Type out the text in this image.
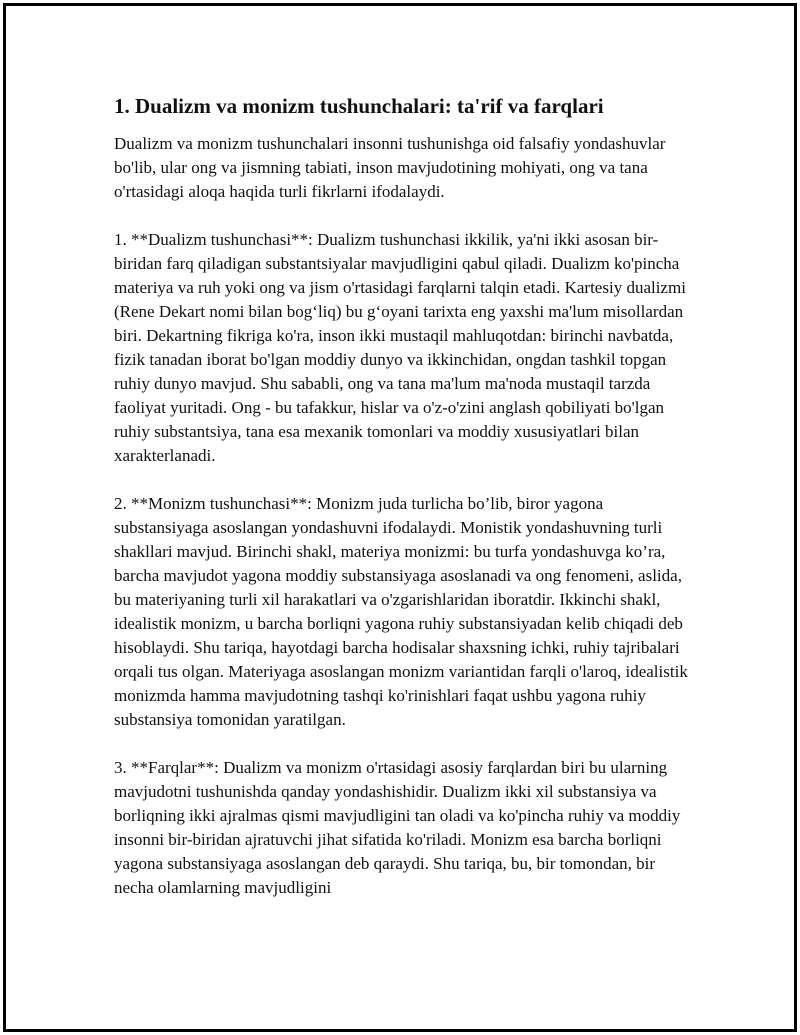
1. Dualizm va monizm tushunchalari: ta'rif va farqlari

Dualizm va monizm tushunchalari insonni tushunishga oid falsafiy yondashuvlar bo'lib, ular ong va jismning tabiati, inson mavjudotining mohiyati, ong va tana o'rtasidagi aloqa haqida turli fikrlarni ifodalaydi.

1. **Dualizm tushunchasi**: Dualizm tushunchasi ikkilik, ya'ni ikki asosan bir-biridan farq qiladigan substantsiyalar mavjudligini qabul qiladi. Dualizm ko'pincha materiya va ruh yoki ong va jism o'rtasidagi farqlarni talqin etadi. Kartesiy dualizmi (Rene Dekart nomi bilan bog‘liq) bu g‘oyani tarixta eng yaxshi ma'lum misollardan biri. Dekartning fikriga ko'ra, inson ikki mustaqil mahluqotdan: birinchi navbatda, fizik tanadan iborat bo'lgan moddiy dunyo va ikkinchidan, ongdan tashkil topgan ruhiy dunyo mavjud. Shu sababli, ong va tana ma'lum ma'noda mustaqil tarzda faoliyat yuritadi. Ong - bu tafakkur, hislar va o'z-o'zini anglash qobiliyati bo'lgan ruhiy substantsiya, tana esa mexanik tomonlari va moddiy xususiyatlari bilan xarakterlanadi.

2. **Monizm tushunchasi**: Monizm juda turlicha bo’lib, biror yagona substansiyaga asoslangan yondashuvni ifodalaydi. Monistik yondashuvning turli shakllari mavjud. Birinchi shakl, materiya monizmi: bu turfa yondashuvga ko’ra, barcha mavjudot yagona moddiy substansiyaga asoslanadi va ong fenomeni, aslida, bu materiyaning turli xil harakatlari va o'zgarishlaridan iboratdir. Ikkinchi shakl, idealistik monizm, u barcha borliqni yagona ruhiy substansiyadan kelib chiqadi deb hisoblaydi. Shu tariqa, hayotdagi barcha hodisalar shaxsning ichki, ruhiy tajribalari orqali tus olgan. Materiyaga asoslangan monizm variantidan farqli o'laroq, idealistik monizmda hamma mavjudotning tashqi ko'rinishlari faqat ushbu yagona ruhiy substansiya tomonidan yaratilgan.

3. **Farqlar**: Dualizm va monizm o'rtasidagi asosiy farqlardan biri bu ularning mavjudotni tushunishda qanday yondashishidir. Dualizm ikki xil substansiya va borliqning ikki ajralmas qismi mavjudligini tan oladi va ko'pincha ruhiy va moddiy insonni bir-biridan ajratuvchi jihat sifatida ko'riladi. Monizm esa barcha borliqni yagona substansiyaga asoslangan deb qaraydi. Shu tariqa, bu, bir tomondan, bir necha olamlarning mavjudligini
